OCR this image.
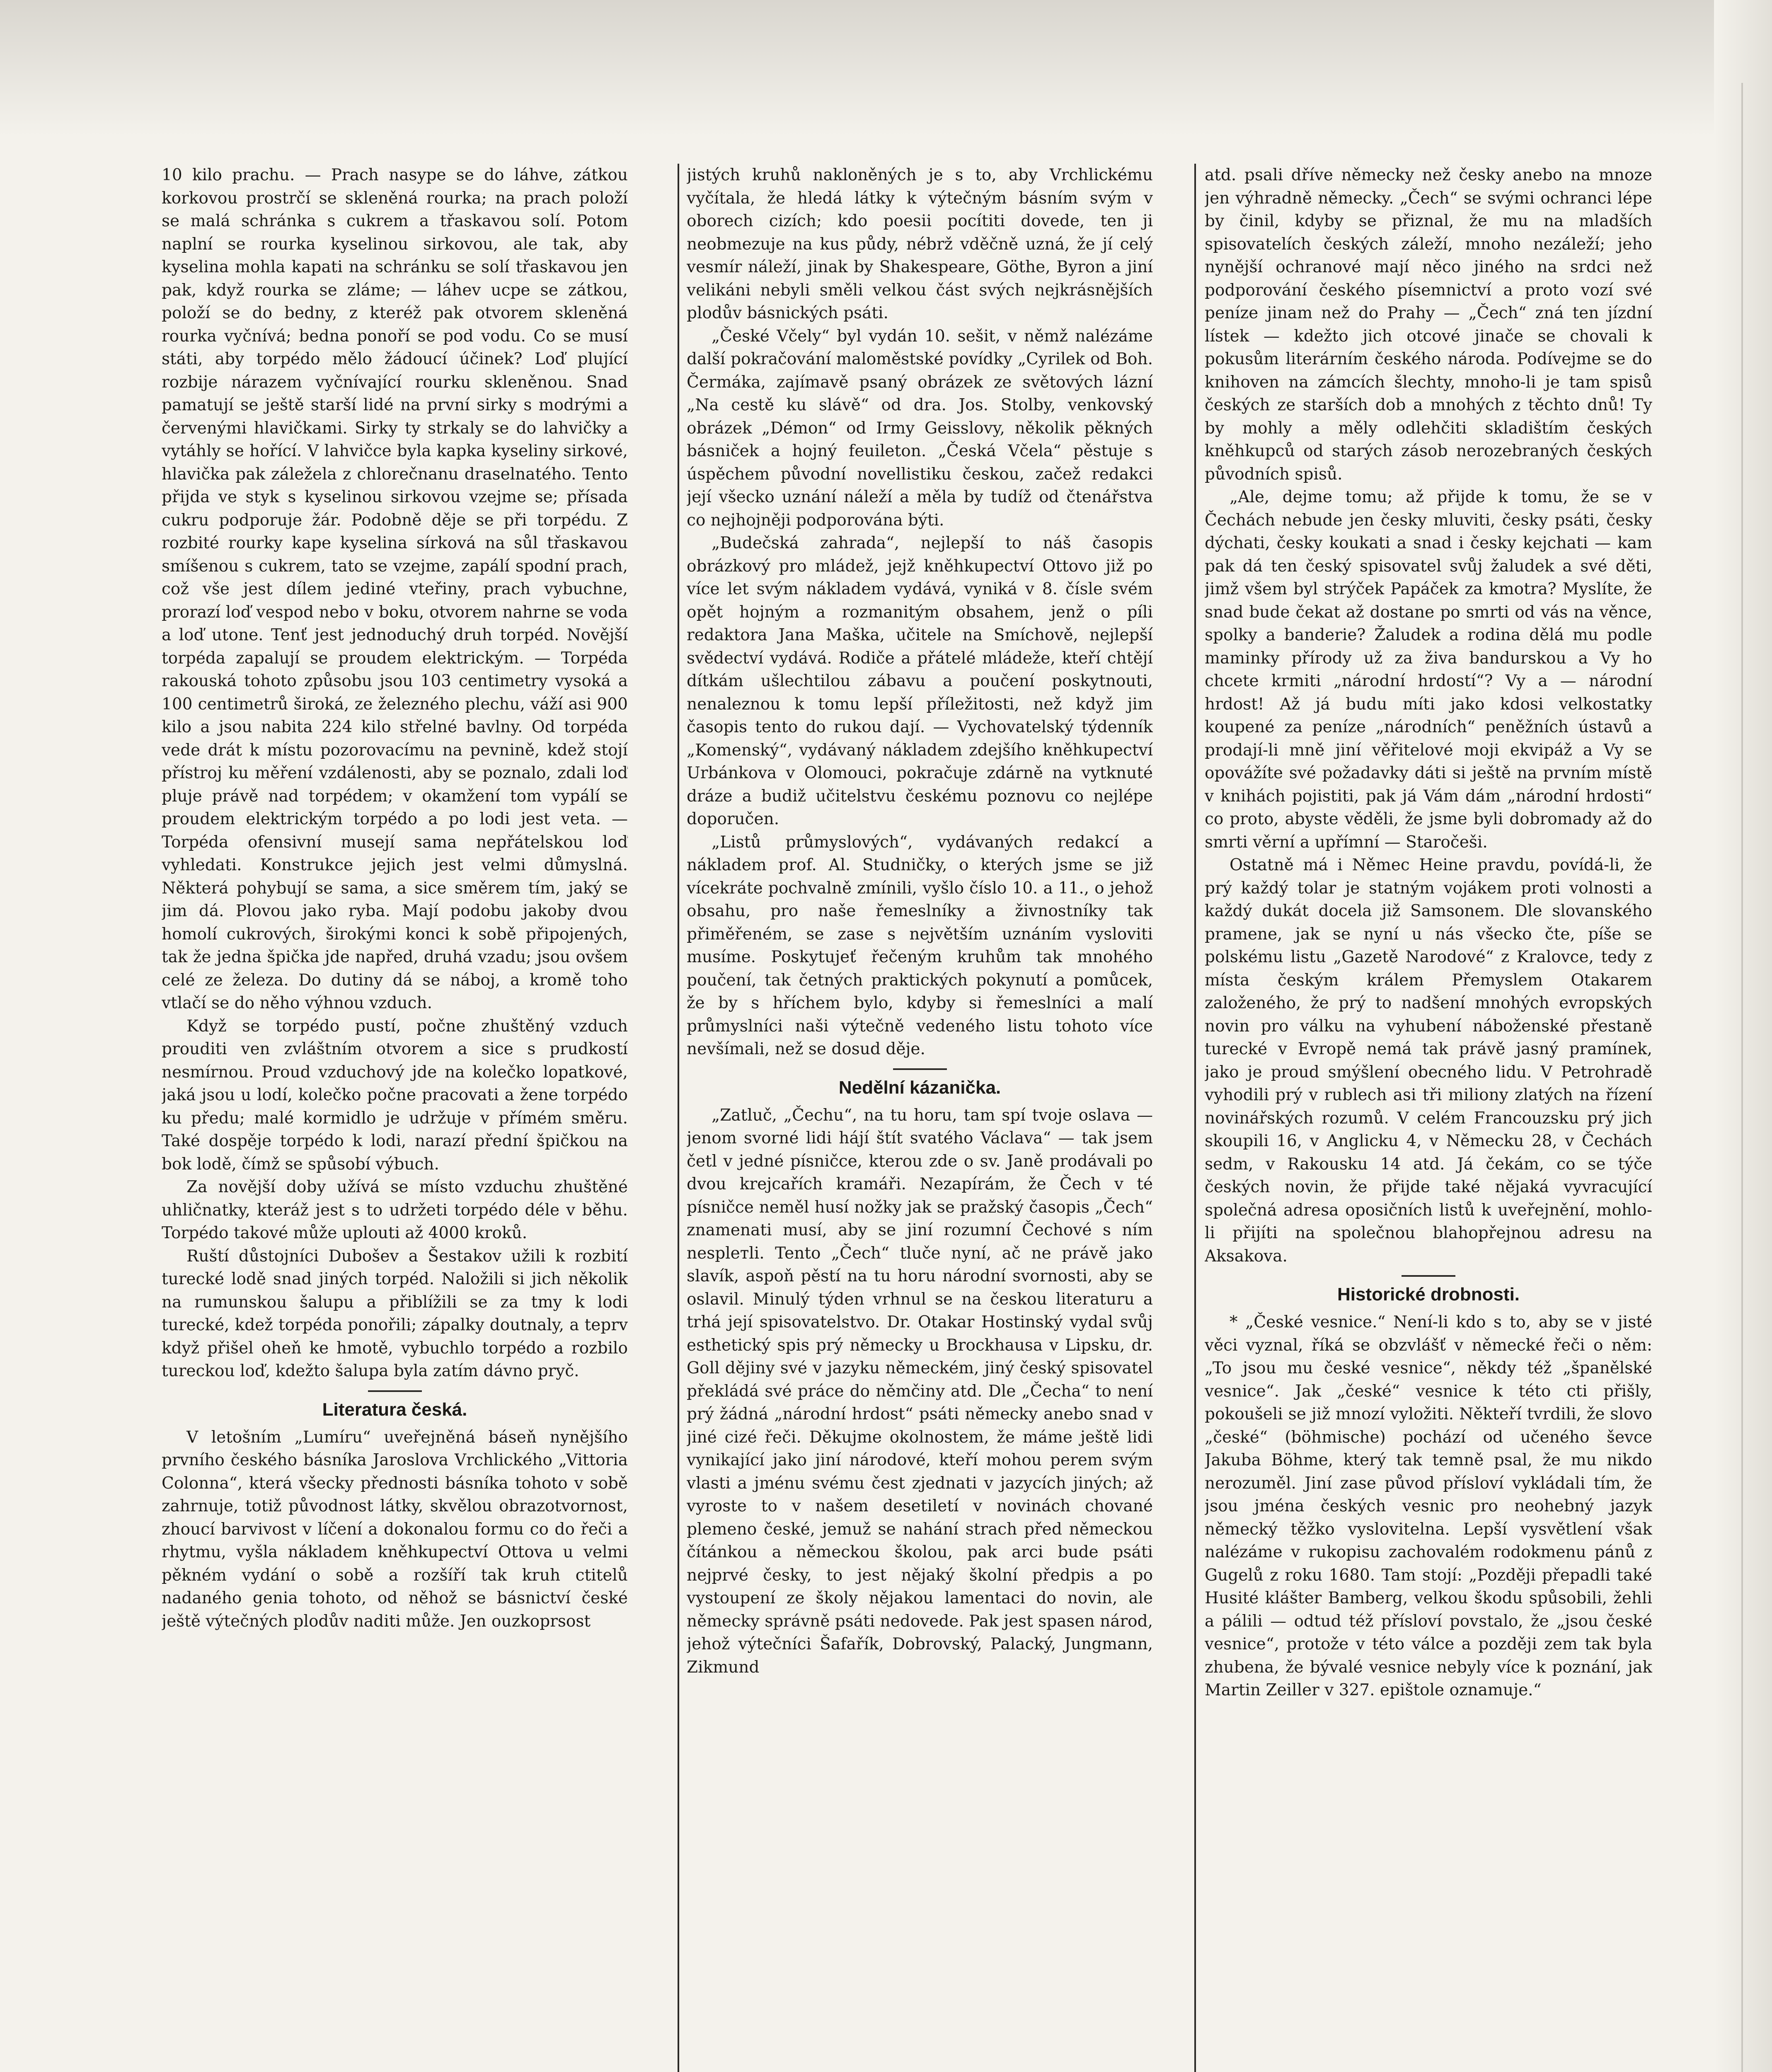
10 kilo prachu. — Prach nasype se do láhve, zátkou korkovou prostrčí se skleněná rourka; na prach položí se malá schránka s cukrem a třaskavou solí. Potom naplní se rourka kyselinou sirkovou, ale tak, aby kyselina mohla kapati na schránku se solí třaskavou jen pak, když rourka se zláme; — láhev ucpe se zátkou, položí se do bedny, z kteréž pak otvorem skleněná rourka vyčnívá; bedna ponoří se pod vodu. Co se musí státi, aby torpédo mělo žádoucí účinek? Loď plující rozbije nárazem vyčnívající rourku skleněnou. Snad pamatují se ještě starší lidé na první sirky s modrými a červenými hlavičkami. Sirky ty strkaly se do lahvičky a vytáhly se hořící. V lahvičce byla kapka kyseliny sirkové, hlavička pak záležela z chlorečnanu draselnatého. Tento přijda ve styk s kyselinou sirkovou vzejme se; přísada cukru podporuje žár. Podobně děje se při torpédu. Z rozbité rourky kape kyselina sírková na sůl třaskavou smíšenou s cukrem, tato se vzejme, zapálí spodní prach, což vše jest dílem jediné vteřiny, prach vybuchne, prorazí loď vespod nebo v boku, otvorem nahrne se voda a loď utone. Tenť jest jednoduchý druh torpéd. Novější torpéda zapalují se proudem elektrickým. — Torpéda rakouská tohoto způsobu jsou 103 centimetry vysoká a 100 centimetrů široká, ze železného plechu, váží asi 900 kilo a jsou nabita 224 kilo střelné bavlny. Od torpéda vede drát k místu pozorovacímu na pevnině, kdež stojí přístroj ku měření vzdálenosti, aby se poznalo, zdali loď pluje právě nad torpédem; v okamžení tom vypálí se proudem elektrickým torpédo a po lodi jest veta. — Torpéda ofensivní musejí sama nepřátelskou loď vyhledati. Konstrukce jejich jest velmi důmyslná. Některá pohybují se sama, a sice směrem tím, jaký se jim dá. Plovou jako ryba. Mají podobu jakoby dvou homolí cukrových, širokými konci k sobě připojených, tak že jedna špička jde napřed, druhá vzadu; jsou ovšem celé ze železa. Do dutiny dá se náboj, a kromě toho vtlačí se do něho výhnou vzduch.

Když se torpédo pustí, počne zhuštěný vzduch prouditi ven zvláštním otvorem a sice s prudkostí nesmírnou. Proud vzduchový jde na kolečko lopatkové, jaká jsou u lodí, kolečko počne pracovati a žene torpédo ku předu; malé kormidlo je udržuje v přímém směru. Také dospěje torpédo k lodi, narazí přední špičkou na bok lodě, čímž se spůsobí výbuch.

Za novější doby užívá se místo vzduchu zhuštěné uhličnatky, kteráž jest s to udržeti torpédo déle v běhu. Torpédo takové může uplouti až 4000 kroků.

Ruští důstojníci Dubošev a Šestakov užili k rozbití turecké lodě snad jiných torpéd. Naložili si jich několik na rumunskou šalupu a přiblížili se za tmy k lodi turecké, kdež torpéda ponořili; zápalky doutnaly, a teprv když přišel oheň ke hmotě, vybuchlo torpédo a rozbilo tureckou loď, kdežto šalupa byla zatím dávno pryč.

Literatura česká.

V letošním „Lumíru“ uveřejněná báseň nynějšího prvního českého básníka Jaroslova Vrchlického „Vittoria Colonna“, která všecky přednosti básníka tohoto v sobě zahrnuje, totiž původnost látky, skvělou obrazotvornost, zhoucí barvivost v líčení a dokonalou formu co do řeči a rhytmu, vyšla nákladem kněhkupectví Ottova u velmi pěkném vydání o sobě a rozšíří tak kruh ctitelů nadaného genia tohoto, od něhož se básnictví české ještě výtečných plodův naditi může. Jen ouzkoprsost

jistých kruhů nakloněných je s to, aby Vrchlickému vyčítala, že hledá látky k výtečným básním svým v oborech cizích; kdo poesii pocítiti dovede, ten ji neobmezuje na kus půdy, nébrž vděčně uzná, že jí celý vesmír náleží, jinak by Shakespeare, Göthe, Byron a jiní velikáni nebyli směli velkou část svých nejkrásnějších plodův básnických psáti.

„České Včely“ byl vydán 10. sešit, v němž nalézáme další pokračování maloměstské povídky „Cyrilek od Boh. Čermáka, zajímavě psaný obrázek ze světových lázní „Na cestě ku slávě“ od dra. Jos. Stolby, venkovský obrázek „Démon“ od Irmy Geisslovy, několik pěkných básniček a hojný feuileton. „Česká Včela“ pěstuje s úspěchem původní novellistiku českou, začež redakci její všecko uznání náleží a měla by tudíž od čtenářstva co nejhojněji podporována býti.

„Budečská zahrada“, nejlepší to náš časopis obrázkový pro mládež, jejž kněhkupectví Ottovo již po více let svým nákladem vydává, vyniká v 8. čísle svém opět hojným a rozmanitým obsahem, jenž o píli redaktora Jana Maška, učitele na Smíchově, nejlepší svědectví vydává. Rodiče a přátelé mládeže, kteří chtějí dítkám ušlechtilou zábavu a poučení poskytnouti, nenaleznou k tomu lepší příležitosti, než když jim časopis tento do rukou dají. — Vychovatelský týdenník „Komenský“, vydávaný nákladem zdejšího kněhkupectví Urbánkova v Olomouci, pokračuje zdárně na vytknuté dráze a budiž učitelstvu českému poznovu co nejlépe doporučen.

„Listů průmyslových“, vydávaných redakcí a nákladem prof. Al. Studničky, o kterých jsme se již vícekráte pochvalně zmínili, vyšlo číslo 10. a 11., o jehož obsahu, pro naše řemeslníky a živnostníky tak přiměřeném, se zase s největším uznáním vysloviti musíme. Poskytujeť řečeným kruhům tak mnohého poučení, tak četných praktických pokynutí a pomůcek, že by s hříchem bylo, kdyby si řemeslníci a malí průmyslníci naši výtečně vedeného listu tohoto více nevšímali, než se dosud děje.

Nedělní kázanička.

„Zatluč, „Čechu“, na tu horu, tam spí tvoje oslava — jenom svorné lidi hájí štít svatého Václava“ — tak jsem četl v jedné písničce, kterou zde o sv. Janě prodávali po dvou krejcařích kramáři. Nezapírám, že Čech v té písničce neměl husí nožky jak se pražský časopis „Čech“ znamenati musí, aby se jiní rozumní Čechové s ním nesplетli. Tento „Čech“ tluče nyní, ač ne právě jako slavík, aspoň pěstí na tu horu národní svornosti, aby se oslavil. Minulý týden vrhnul se na českou literaturu a trhá její spisovatelstvo. Dr. Otakar Hostinský vydal svůj esthetický spis prý německy u Brockhausa v Lipsku, dr. Goll dějiny své v jazyku německém, jiný český spisovatel překládá své práce do němčiny atd. Dle „Čecha“ to není prý žádná „národní hrdost“ psáti německy anebo snad v jiné cizé řeči. Děkujme okolnostem, že máme ještě lidi vynikající jako jiní národové, kteří mohou perem svým vlasti a jménu svému čest zjednati v jazycích jiných; až vyroste to v našem desetiletí v novinách chované plemeno české, jemuž se nahání strach před německou čítánkou a německou školou, pak arci bude psáti nejprvé česky, to jest nějaký školní předpis a po vystoupení ze školy nějakou lamentaci do novin, ale německy správně psáti nedovede. Pak jest spasen národ, jehož výtečníci Šafařík, Dobrovský, Palacký, Jungmann, Zikmund

atd. psali dříve německy než česky anebo na mnoze jen výhradně německy. „Čech“ se svými ochranci lépe by činil, kdyby se přiznal, že mu na mladších spisovatelích českých záleží, mnoho nezáleží; jeho nynější ochranové mají něco jiného na srdci než podporování českého písemnictví a proto vozí své peníze jinam než do Prahy — „Čech“ zná ten jízdní lístek — kdežto jich otcové jinače se chovali k pokusům literárním českého národa. Podívejme se do knihoven na zámcích šlechty, mnoho-li je tam spisů českých ze starších dob a mnohých z těchto dnů! Ty by mohly a měly odlehčiti skladištím českých kněhkupců od starých zásob nerozebraných českých původních spisů.

„Ale, dejme tomu; až přijde k tomu, že se v Čechách nebude jen česky mluviti, česky psáti, česky dýchati, česky koukati a snad i česky kejchati — kam pak dá ten český spisovatel svůj žaludek a své děti, jimž všem byl strýček Papáček za kmotra? Myslíte, že snad bude čekat až dostane po smrti od vás na věnce, spolky a banderie? Žaludek a rodina dělá mu podle maminky přírody už za živa bandurskou a Vy ho chcete krmiti „národní hrdostí“? Vy a — národní hrdost! Až já budu míti jako kdosi velkostatky koupené za peníze „národních“ peněžních ústavů a prodají-li mně jiní věřitelové moji ekvipáž a Vy se opovážíte své požadavky dáti si ještě na prvním místě v knihách pojistiti, pak já Vám dám „národní hrdosti“ co proto, abyste věděli, že jsme byli dobromady až do smrti věrní a upřímní — Staročeši.

Ostatně má i Němec Heine pravdu, povídá-li, že prý každý tolar je statným vojákem proti volnosti a každý dukát docela již Samsonem. Dle slovanského pramene, jak se nyní u nás všecko čte, píše se polskému listu „Gazetě Narodové“ z Kralovce, tedy z místa českým králem Přemyslem Otakarem založeného, že prý to nadšení mnohých evropských novin pro válku na vyhubení náboženské přestaně turecké v Evropě nemá tak právě jasný pramínek, jako je proud smýšlení obecného lidu. V Petrohradě vyhodili prý v rublech asi tři miliony zlatých na řízení novinářských rozumů. V celém Francouzsku prý jich skoupili 16, v Anglicku 4, v Německu 28, v Čechách sedm, v Rakousku 14 atd. Já čekám, co se týče českých novin, že přijde také nějaká vyvracující společná adresa oposičních listů k uveřejnění, mohlo-li přijíti na společnou blahopřejnou adresu na Aksakova.

Historické drobnosti.

* „České vesnice.“ Není-li kdo s to, aby se v jisté věci vyznal, říká se obzvlášť v německé řeči o něm: „To jsou mu české vesnice“, někdy též „španělské vesnice“. Jak „české“ vesnice k této cti přišly, pokoušeli se již mnozí vyložiti. Někteří tvrdili, že slovo „české“ (böhmische) pochází od učeného ševce Jakuba Böhme, který tak temně psal, že mu nikdo nerozuměl. Jiní zase původ přísloví vykládali tím, že jsou jména českých vesnic pro neohebný jazyk německý těžko vyslovitelna. Lepší vysvětlení však nalézáme v rukopisu zachovalém rodokmenu pánů z Gugelů z roku 1680. Tam stojí: „Později přepadli také Husité klášter Bamberg, velkou škodu spůsobili, žehli a pálili — odtud též přísloví povstalo, že „jsou české vesnice“, protože v této válce a později zem tak byla zhubena, že bývalé vesnice nebyly více k poznání, jak Martin Zeiller v 327. epištole oznamuje.“
